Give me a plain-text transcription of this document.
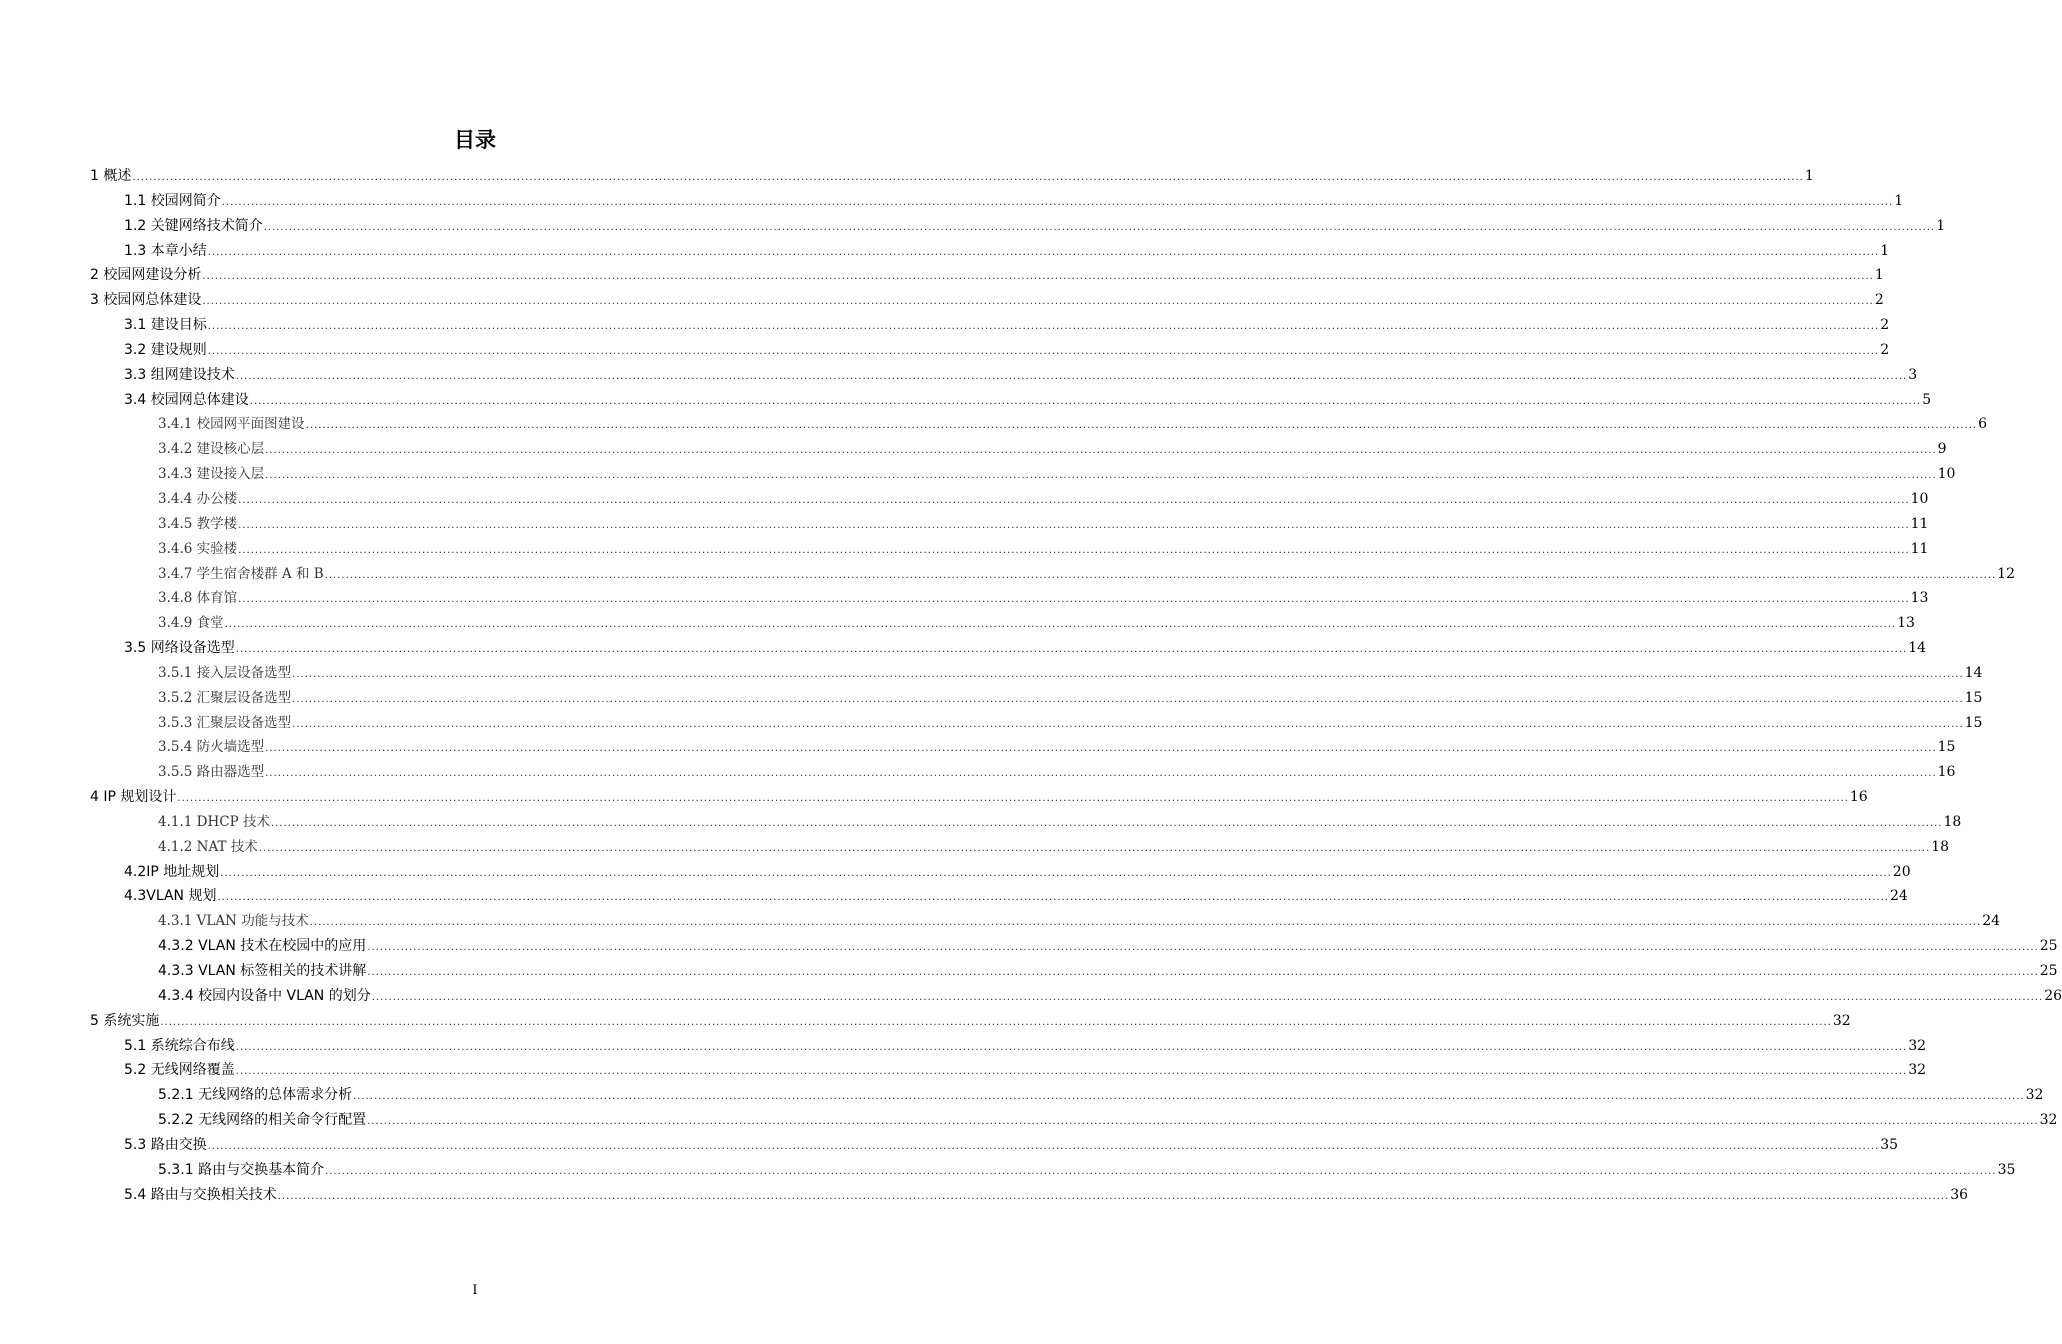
目录
1 概述 ................................................................................................................................................................................................................................................................................................................................................................................................................ 1
1.1 校园网简介 ................................................................................................................................................................................................................................................................................................................................................................................................................ 1
1.2 关键网络技术简介 ................................................................................................................................................................................................................................................................................................................................................................................................................ 1
1.3 本章小结 ................................................................................................................................................................................................................................................................................................................................................................................................................ 1
2 校园网建设分析 ................................................................................................................................................................................................................................................................................................................................................................................................................ 1
3 校园网总体建设 ................................................................................................................................................................................................................................................................................................................................................................................................................ 2
3.1 建设目标 ................................................................................................................................................................................................................................................................................................................................................................................................................ 2
3.2 建设规则 ................................................................................................................................................................................................................................................................................................................................................................................................................ 2
3.3 组网建设技术 ................................................................................................................................................................................................................................................................................................................................................................................................................ 3
3.4 校园网总体建设 ................................................................................................................................................................................................................................................................................................................................................................................................................ 5
3.4.1 校园网平面图建设 ................................................................................................................................................................................................................................................................................................................................................................................................................ 6
3.4.2 建设核心层 ................................................................................................................................................................................................................................................................................................................................................................................................................ 9
3.4.3 建设接入层 ................................................................................................................................................................................................................................................................................................................................................................................................................ 10
3.4.4 办公楼 ................................................................................................................................................................................................................................................................................................................................................................................................................ 10
3.4.5 教学楼 ................................................................................................................................................................................................................................................................................................................................................................................................................ 11
3.4.6 实验楼 ................................................................................................................................................................................................................................................................................................................................................................................................................ 11
3.4.7 学生宿舍楼群 A 和 B ................................................................................................................................................................................................................................................................................................................................................................................................................ 12
3.4.8 体育馆 ................................................................................................................................................................................................................................................................................................................................................................................................................ 13
3.4.9 食堂 ................................................................................................................................................................................................................................................................................................................................................................................................................ 13
3.5 网络设备选型 ................................................................................................................................................................................................................................................................................................................................................................................................................ 14
3.5.1 接入层设备选型 ................................................................................................................................................................................................................................................................................................................................................................................................................ 14
3.5.2 汇聚层设备选型 ................................................................................................................................................................................................................................................................................................................................................................................................................ 15
3.5.3 汇聚层设备选型 ................................................................................................................................................................................................................................................................................................................................................................................................................ 15
3.5.4 防火墙选型 ................................................................................................................................................................................................................................................................................................................................................................................................................ 15
3.5.5 路由器选型 ................................................................................................................................................................................................................................................................................................................................................................................................................ 16
4 IP 规划设计 ................................................................................................................................................................................................................................................................................................................................................................................................................ 16
4.1.1 DHCP 技术 ................................................................................................................................................................................................................................................................................................................................................................................................................ 18
4.1.2 NAT 技术 ................................................................................................................................................................................................................................................................................................................................................................................................................ 18
4.2IP 地址规划 ................................................................................................................................................................................................................................................................................................................................................................................................................ 20
4.3VLAN 规划 ................................................................................................................................................................................................................................................................................................................................................................................................................ 24
4.3.1 VLAN 功能与技术 ................................................................................................................................................................................................................................................................................................................................................................................................................ 24
4.3.2 VLAN 技术在校园中的应用 ................................................................................................................................................................................................................................................................................................................................................................................................................ 25
4.3.3 VLAN 标签相关的技术讲解 ................................................................................................................................................................................................................................................................................................................................................................................................................ 25
4.3.4 校园内设备中 VLAN 的划分 ................................................................................................................................................................................................................................................................................................................................................................................................................ 26
5 系统实施 ................................................................................................................................................................................................................................................................................................................................................................................................................ 32
5.1 系统综合布线 ................................................................................................................................................................................................................................................................................................................................................................................................................ 32
5.2 无线网络覆盖 ................................................................................................................................................................................................................................................................................................................................................................................................................ 32
5.2.1 无线网络的总体需求分析 ................................................................................................................................................................................................................................................................................................................................................................................................................ 32
5.2.2 无线网络的相关命令行配置 ................................................................................................................................................................................................................................................................................................................................................................................................................ 32
5.3 路由交换 ................................................................................................................................................................................................................................................................................................................................................................................................................ 35
5.3.1 路由与交换基本简介 ................................................................................................................................................................................................................................................................................................................................................................................................................ 35
5.4 路由与交换相关技术 ................................................................................................................................................................................................................................................................................................................................................................................................................ 36
I
